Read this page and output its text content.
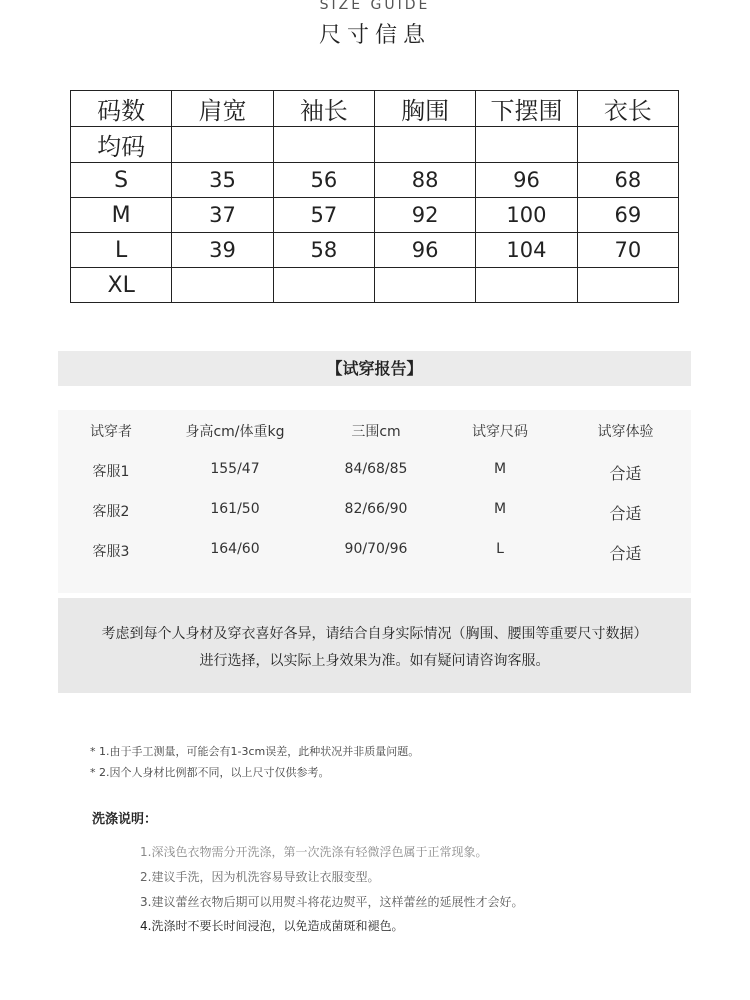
SIZE GUIDE
尺寸信息
码数	肩宽	袖长	胸围	下摆围	衣长
均码					
S	35	56	88	96	68
M	37	57	92	100	69
L	39	58	96	104	70
XL					
【试穿报告】
试穿者	身高cm/体重kg	三围cm	试穿尺码	试穿体验
客服1	155/47	84/68/85	M	合适
客服2	161/50	82/66/90	M	合适
客服3	164/60	90/70/96	L	合适
考虑到每个人身材及穿衣喜好各异，请结合自身实际情况（胸围、腰围等重要尺寸数据）
进行选择，以实际上身效果为准。如有疑问请咨询客服。
* 1.由于手工测量，可能会有1-3cm误差，此种状况并非质量问题。
* 2.因个人身材比例都不同，以上尺寸仅供参考。
洗涤说明：
1.深浅色衣物需分开洗涤，第一次洗涤有轻微浮色属于正常现象。
2.建议手洗，因为机洗容易导致让衣服变型。
3.建议蕾丝衣物后期可以用熨斗将花边熨平，这样蕾丝的延展性才会好。
4.洗涤时不要长时间浸泡，以免造成菌斑和褪色。
